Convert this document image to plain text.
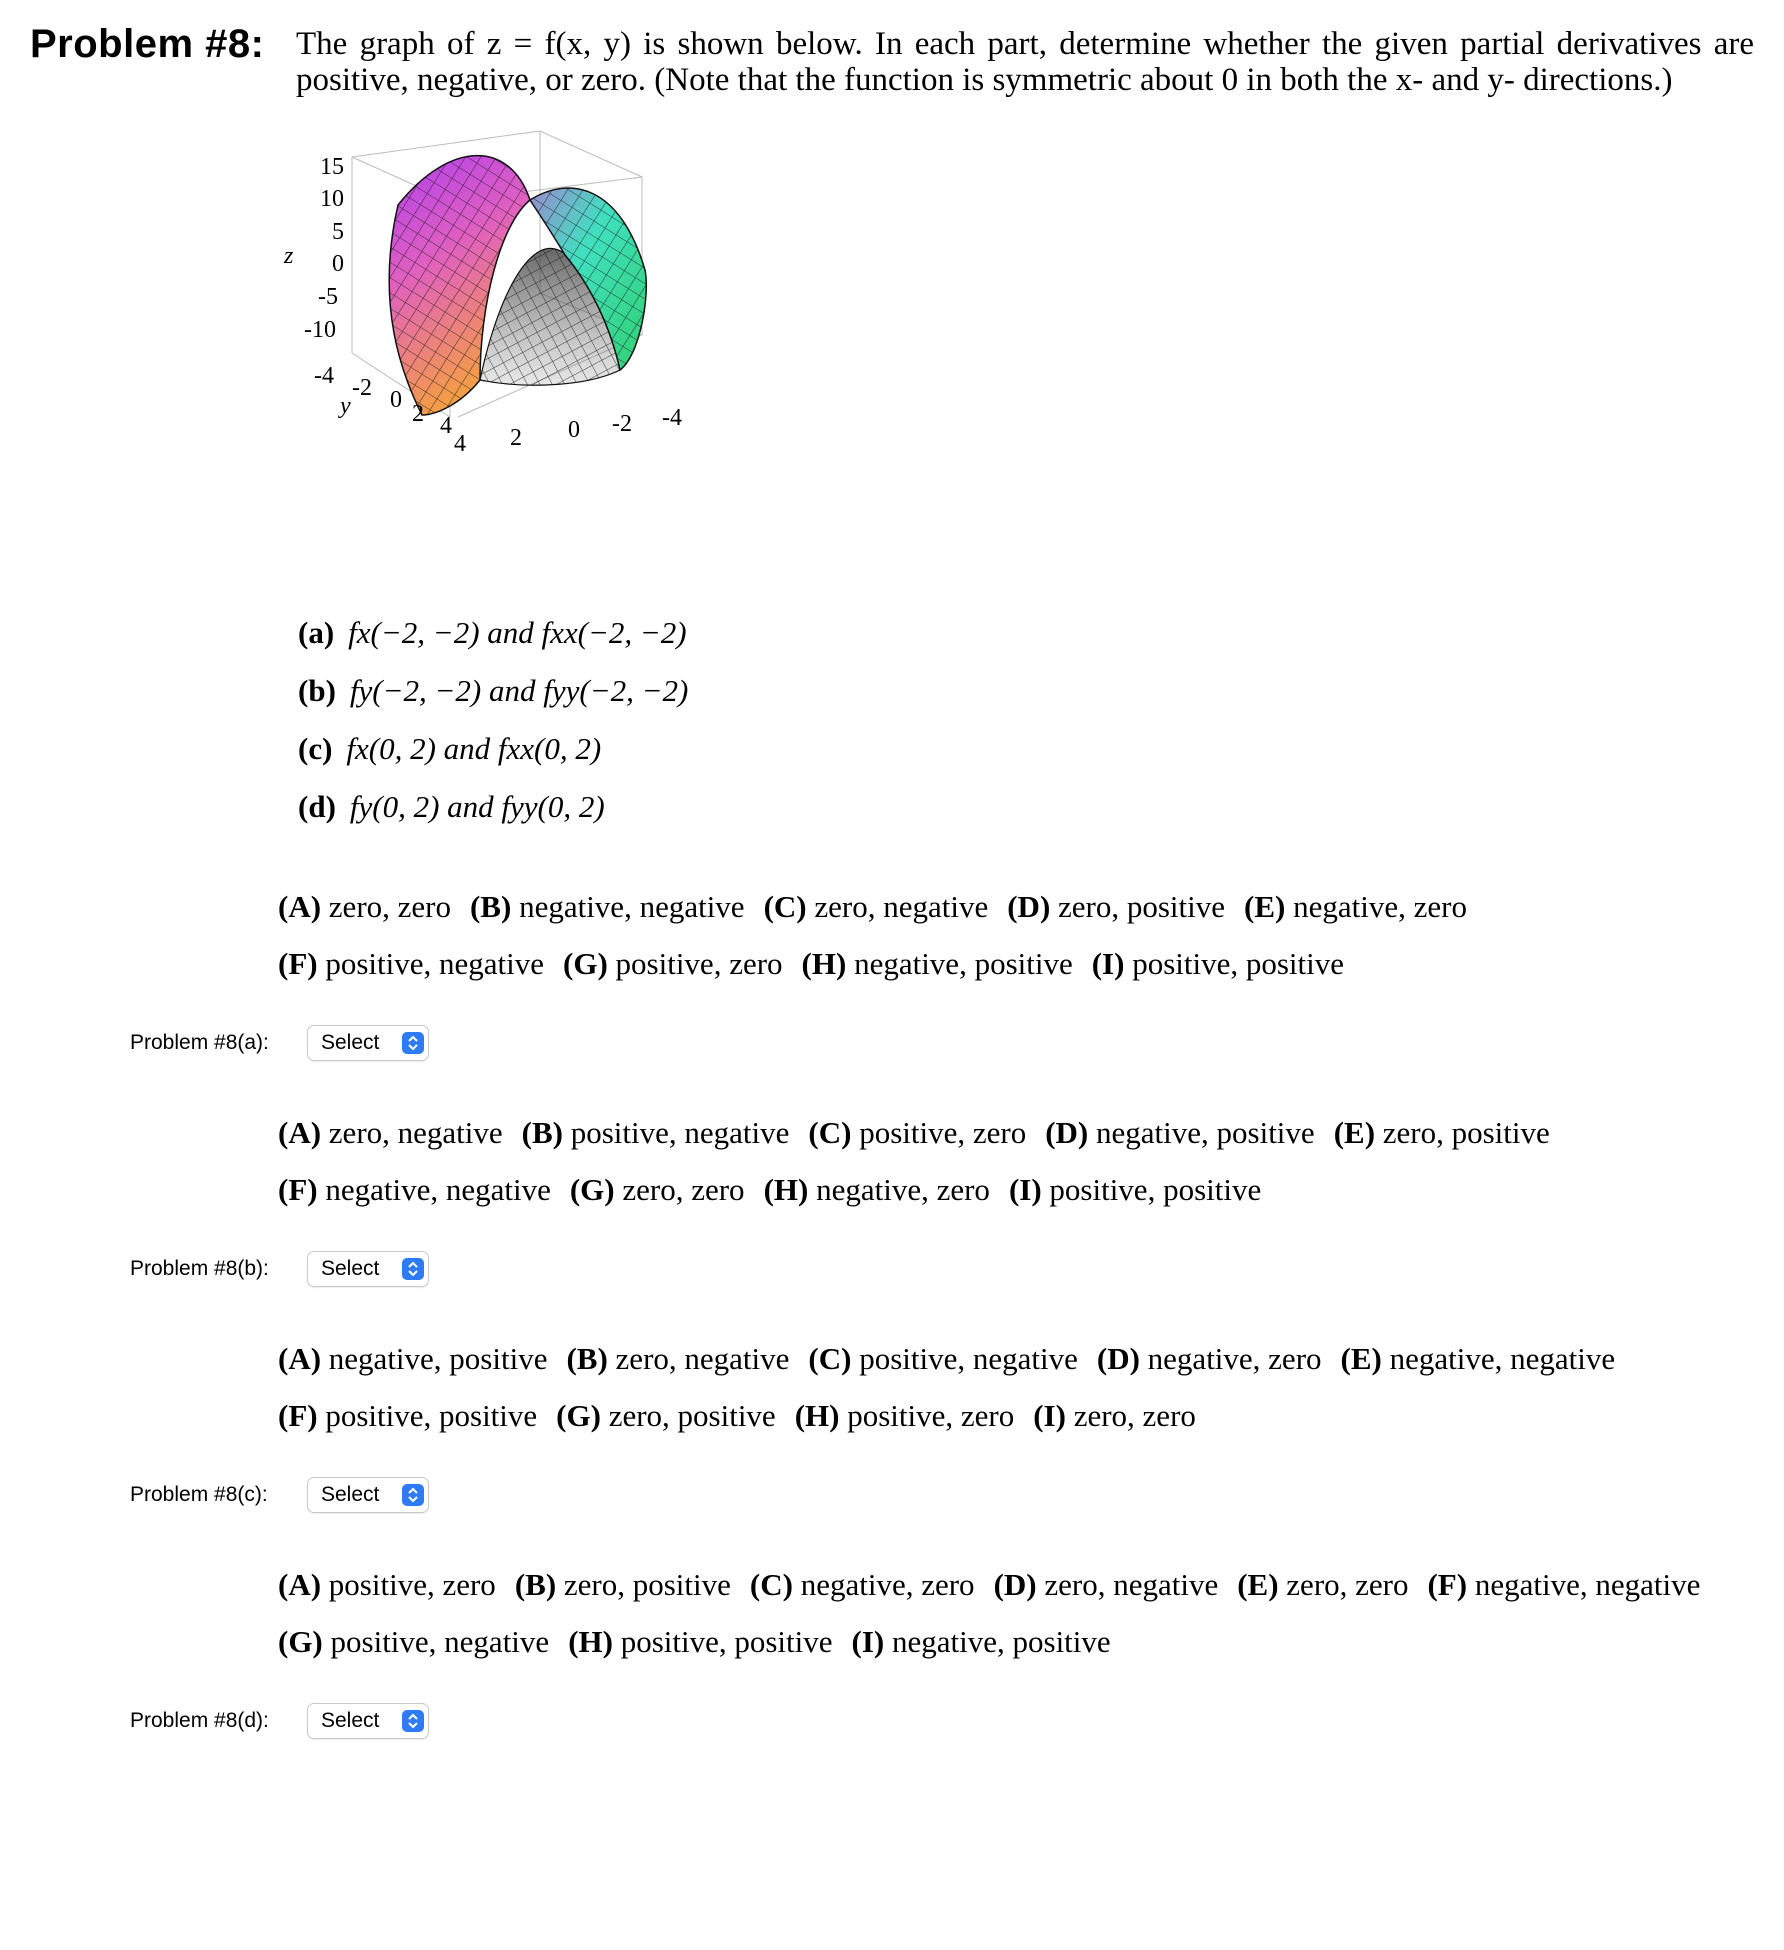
Problem #8: The graph of z = f(x, y) is shown below. In each part, determine whether the given partial derivatives are positive, negative, or zero. (Note that the function is symmetric about 0 in both the x- and y- directions.)
z
15
10
5
0
-5
-10
-4 -2 0
2 4
y
4 2 0 -2 -4
(a) fx(−2, −2) and fxx(−2, −2)
(b) fy(−2, −2) and fyy(−2, −2)
(c) fx(0, 2) and fxx(0, 2)
(d) fy(0, 2) and fyy(0, 2)
(A) zero, zero (B) negative, negative (C) zero, negative (D) zero, positive (E) negative, zero
(F) positive, negative (G) positive, zero (H) negative, positive (I) positive, positive
Problem #8(a):	Select
(A) zero, negative (B) positive, negative (C) positive, zero (D) negative, positive (E) zero, positive
(F) negative, negative (G) zero, zero (H) negative, zero (I) positive, positive
Problem #8(b):	Select
(A) negative, positive (B) zero, negative (C) positive, negative (D) negative, zero (E) negative, negative
(F) positive, positive (G) zero, positive (H) positive, zero (I) zero, zero
Problem #8(c):	Select
(A) positive, zero (B) zero, positive (C) negative, zero (D) zero, negative (E) zero, zero (F) negative, negative
(G) positive, negative (H) positive, positive (I) negative, positive
Problem #8(d):	Select
